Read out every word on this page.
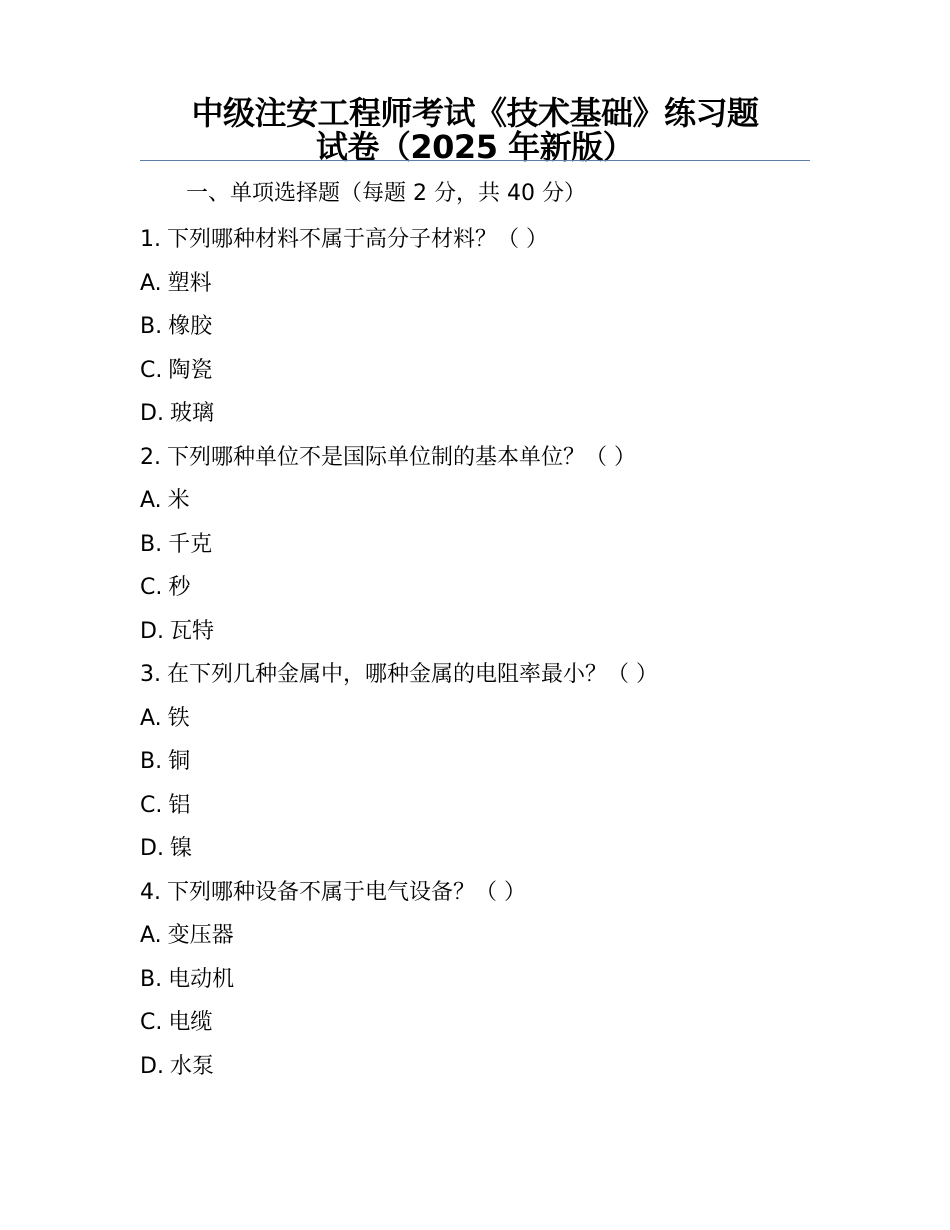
中级注安工程师考试《技术基础》练习题
试卷（2025 年新版）
一、单项选择题（每题 2 分，共 40 分）
1. 下列哪种材料不属于高分子材料？（ ）
A. 塑料
B. 橡胶
C. 陶瓷
D. 玻璃
2. 下列哪种单位不是国际单位制的基本单位？（ ）
A. 米
B. 千克
C. 秒
D. 瓦特
3. 在下列几种金属中，哪种金属的电阻率最小？（ ）
A. 铁
B. 铜
C. 铝
D. 镍
4. 下列哪种设备不属于电气设备？（ ）
A. 变压器
B. 电动机
C. 电缆
D. 水泵
